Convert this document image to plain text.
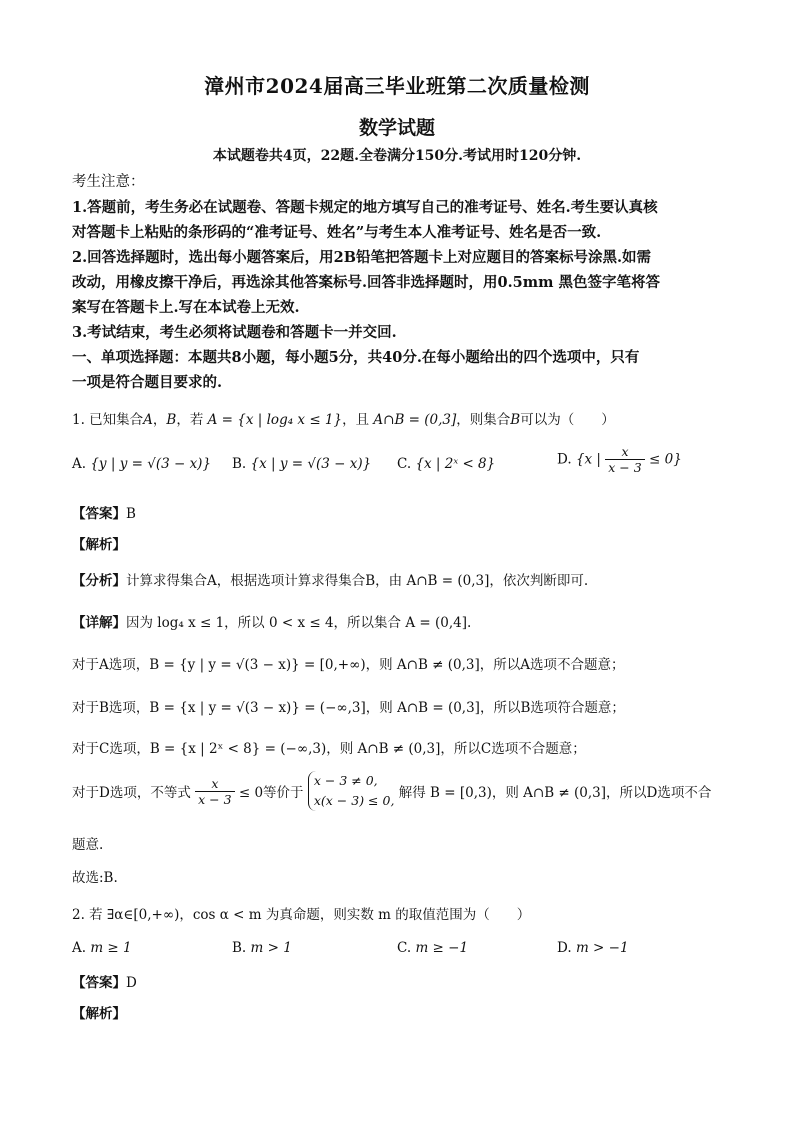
漳州市2024届高三毕业班第二次质量检测
数学试题
本试题卷共4页，22题.全卷满分150分.考试用时120分钟.
考生注意：
1.答题前，考生务必在试题卷、答题卡规定的地方填写自己的准考证号、姓名.考生要认真核
对答题卡上粘贴的条形码的“准考证号、姓名”与考生本人准考证号、姓名是否一致.
2.回答选择题时，选出每小题答案后，用2B铅笔把答题卡上对应题目的答案标号涂黑.如需
改动，用橡皮擦干净后，再选涂其他答案标号.回答非选择题时，用0.5mm 黑色签字笔将答
案写在答题卡上.写在本试卷上无效.
3.考试结束，考生必须将试题卷和答题卡一并交回.
一、单项选择题：本题共8小题，每小题5分，共40分.在每小题给出的四个选项中，只有
一项是符合题目要求的.
1. 已知集合A，B，若 A = {x | log₄ x ≤ 1}，且 A∩B = (0,3]，则集合B可以为（　　）
A. {y | y = √(3 − x)} B. {x | y = √(3 − x)} C. {x | 2ˣ < 8}	D. {x | $\frac{x}{x - 3} \le 0$}
【答案】B
【解析】
【分析】计算求得集合A，根据选项计算求得集合B，由 A∩B = (0,3]，依次判断即可.
【详解】因为 log₄ x ≤ 1，所以 0 < x ≤ 4，所以集合 A = (0,4].
对于A选项，B = {y | y = √(3 − x)} = [0,+∞)，则 A∩B ≠ (0,3]，所以A选项不合题意；
对于B选项，B = {x | y = √(3 − x)} = (−∞,3]，则 A∩B = (0,3]，所以B选项符合题意；
对于C选项，B = {x | 2ˣ < 8} = (−∞,3)，则 A∩B ≠ (0,3]，所以C选项不合题意；
对于D选项，不等式 $\frac{x}{x - 3} \le 0$等价于
x − 3 ≠ 0,
x(x − 3) ≤ 0, 解得 B = [0,3)，则 A∩B ≠ (0,3]，所以D选项不合
题意.
故选:B.
2. 若 ∃α∈[0,+∞)，cos α < m 为真命题，则实数 m 的取值范围为（　　）
A. m ≥ 1	B. m > 1	C. m ≥ −1	D. m > −1
【答案】D
【解析】
